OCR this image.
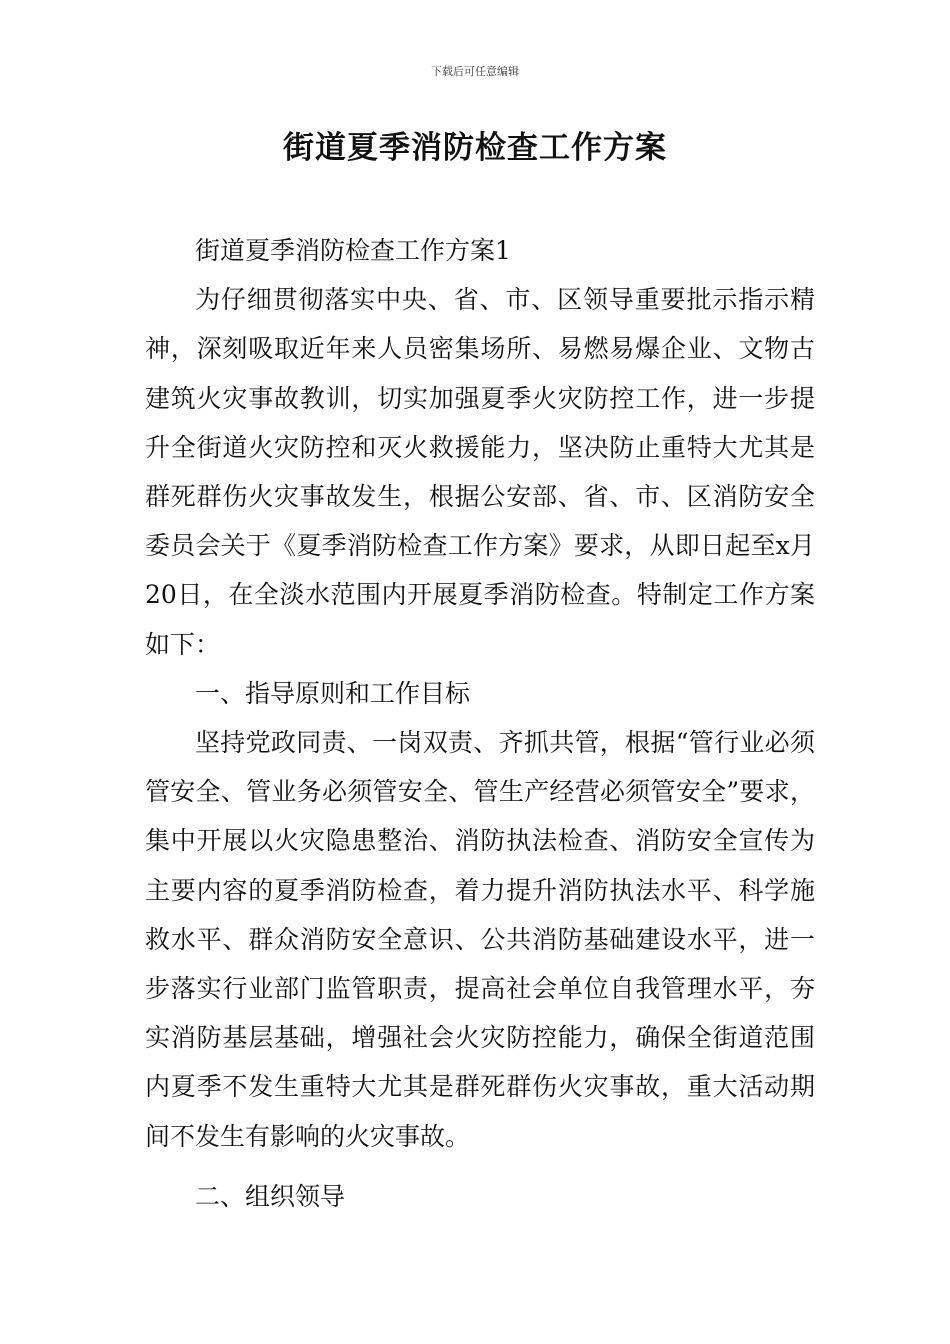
下载后可任意编辑
街道夏季消防检查工作方案

街道夏季消防检查工作方案1

为仔细贯彻落实中央、省、市、区领导重要批示指示精神，深刻吸取近年来人员密集场所、易燃易爆企业、文物古建筑火灾事故教训，切实加强夏季火灾防控工作，进一步提升全街道火灾防控和灭火救援能力，坚决防止重特大尤其是群死群伤火灾事故发生，根据公安部、省、市、区消防安全委员会关于《夏季消防检查工作方案》要求，从即日起至x月20日，在全淡水范围内开展夏季消防检查。特制定工作方案如下：

一、指导原则和工作目标

坚持党政同责、一岗双责、齐抓共管，根据“管行业必须管安全、管业务必须管安全、管生产经营必须管安全”要求，集中开展以火灾隐患整治、消防执法检查、消防安全宣传为主要内容的夏季消防检查，着力提升消防执法水平、科学施救水平、群众消防安全意识、公共消防基础建设水平，进一步落实行业部门监管职责，提高社会单位自我管理水平，夯实消防基层基础，增强社会火灾防控能力，确保全街道范围内夏季不发生重特大尤其是群死群伤火灾事故，重大活动期间不发生有影响的火灾事故。

二、组织领导
